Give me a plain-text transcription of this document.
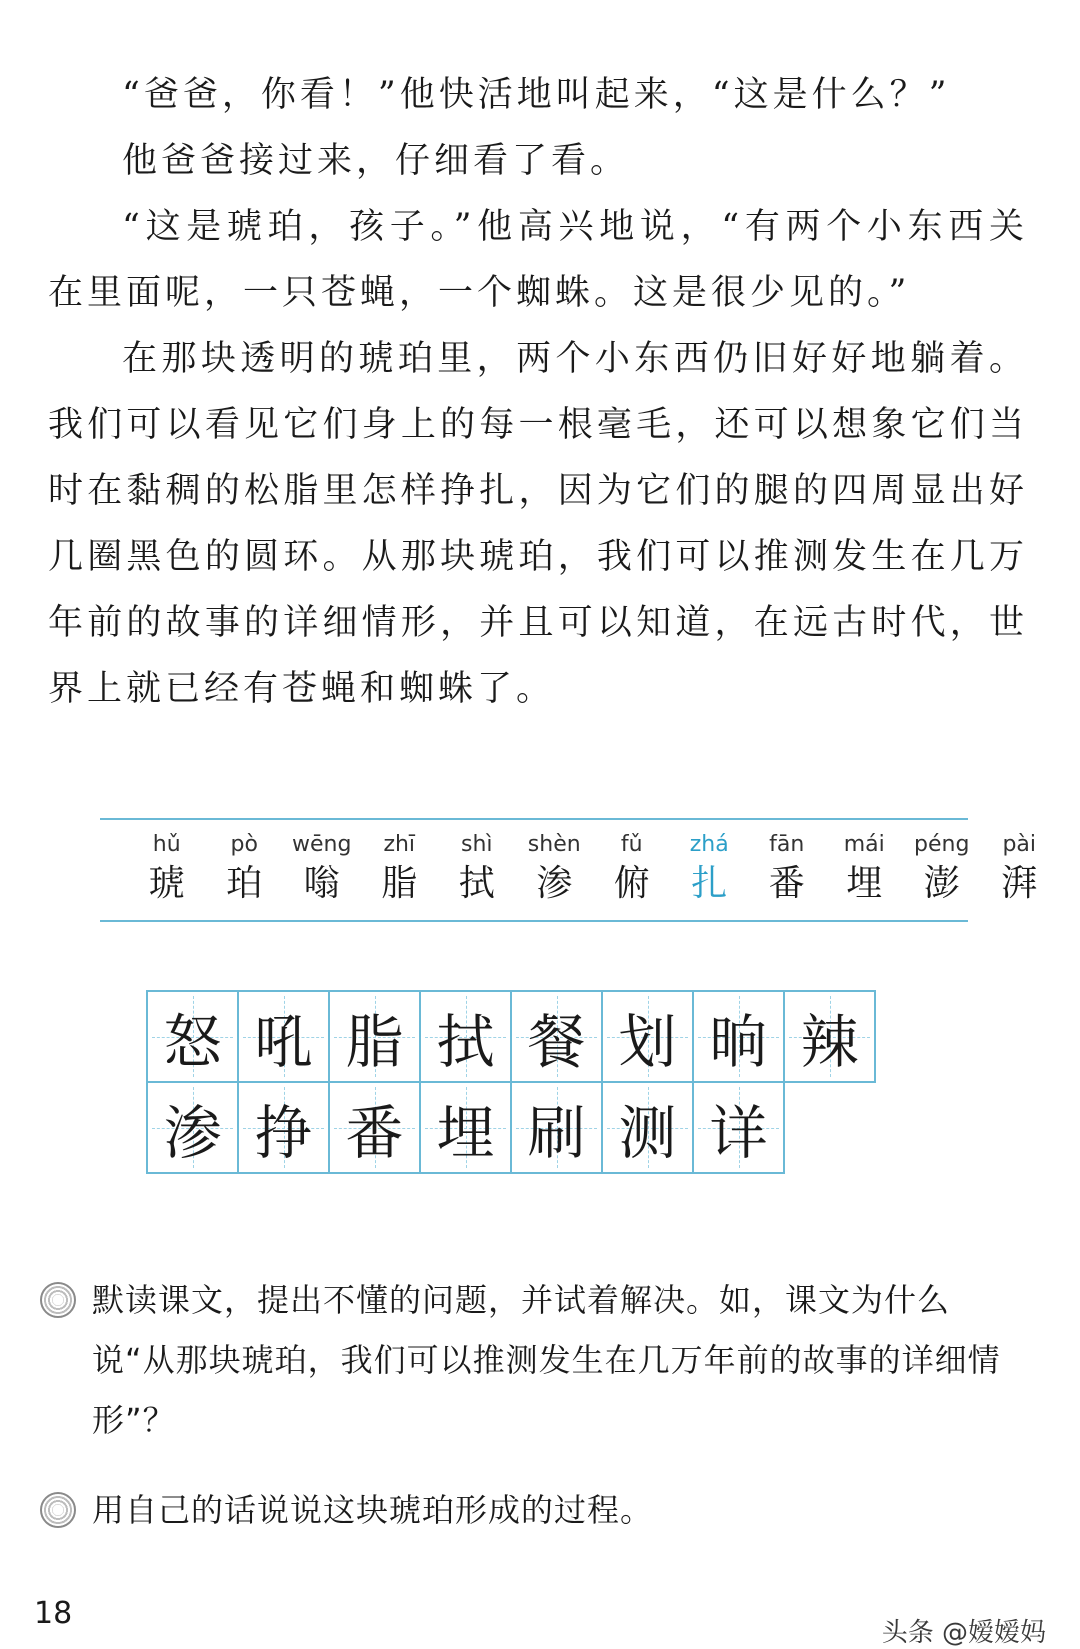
“爸爸，你看！”他快活地叫起来，“这是什么？”

他爸爸接过来，仔细看了看。

“这是琥珀，孩子。”他高兴地说，“有两个小东西关在里面呢，一只苍蝇，一个蜘蛛。这是很少见的。”

在那块透明的琥珀里，两个小东西仍旧好好地躺着。我们可以看见它们身上的每一根毫毛，还可以想象它们当时在黏稠的松脂里怎样挣扎，因为它们的腿的四周显出好几圈黑色的圆环。从那块琥珀，我们可以推测发生在几万年前的故事的详细情形，并且可以知道，在远古时代，世界上就已经有苍蝇和蜘蛛了。

hǔ
琥
pò
珀
wēng
嗡
zhī
脂
shì
拭
shèn
渗
fǔ
俯
zhá
扎
fān
番
mái
埋
péng
澎
pài
湃
怒 吼 脂 拭 餐 划 晌 辣
渗 挣 番 埋 刷 测 详
默读课文，提出不懂的问题，并试着解决。如，课文为什么说“从那块琥珀，我们可以推测发生在几万年前的故事的详细情形”？
用自己的话说说这块琥珀形成的过程。
18
头条 @嫒嫒妈
